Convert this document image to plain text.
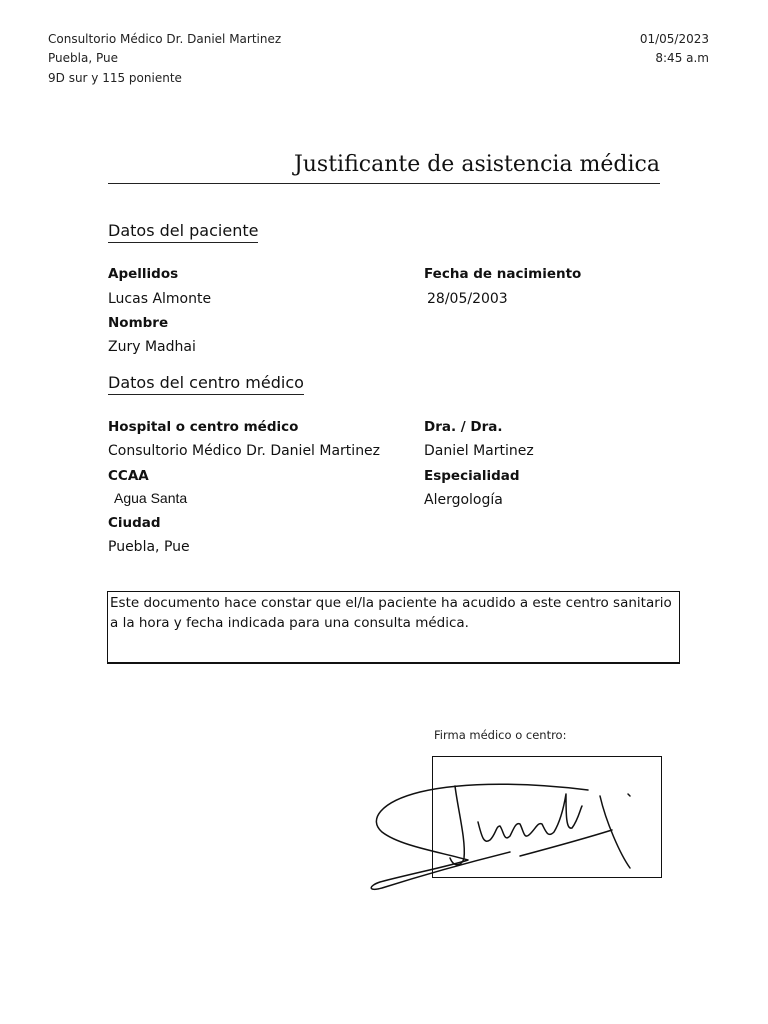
Consultorio Médico Dr. Daniel Martinez
Puebla, Pue
9D sur y 115 poniente
01/05/2023
8:45 a.m
Justificante de asistencia médica
Datos del paciente
Apellidos
Lucas Almonte
Nombre
Zury Madhai
Fecha de nacimiento
28/05/2003
Datos del centro médico
Hospital o centro médico
Consultorio Médico Dr. Daniel Martinez
CCAA
Agua Santa
Ciudad
Puebla, Pue
Dra. / Dra.
Daniel Martinez
Especialidad
Alergología
Este documento hace constar que el/la paciente ha acudido a este centro sanitario a la hora y fecha indicada para una consulta médica.
Firma médico o centro:
